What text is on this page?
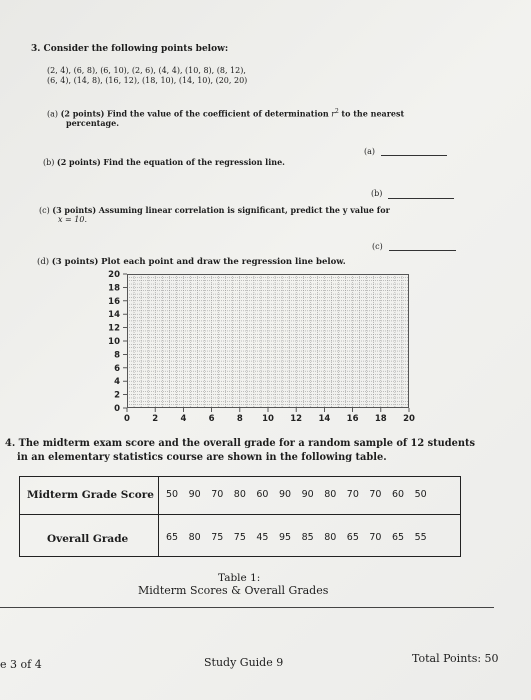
3. Consider the following points below:
(2, 4), (6, 8), (6, 10), (2, 6), (4, 4), (10, 8), (8, 12),
(6, 4), (14, 8), (16, 12), (18, 10), (14, 10), (20, 20)
(a) (2 points) Find the value of the coefficient of determination $r^2$ to the nearest
percentage.
(a)
(b) (2 points) Find the equation of the regression line.
(b)
(c) (3 points) Assuming linear correlation is significant, predict the y value for
x = 10.
(c)
(d) (3 points) Plot each point and draw the regression line below.
0
2
4
6
8
10
12
14
16
18
20
0	2	4	6	8 10 12 14 16 18 20
4. The midterm exam score and the overall grade for a random sample of 12 students
in an elementary statistics course are shown in the following table.
Midterm Grade Score 50 90 70 80 60 90 90 80 70 70 60 50
Overall Grade	65 80 75 75 45 95 85 80 65 70 65 55
Table 1:
Midterm Scores & Overall Grades
e 3 of 4	Study Guide 9	Total Points: 50
